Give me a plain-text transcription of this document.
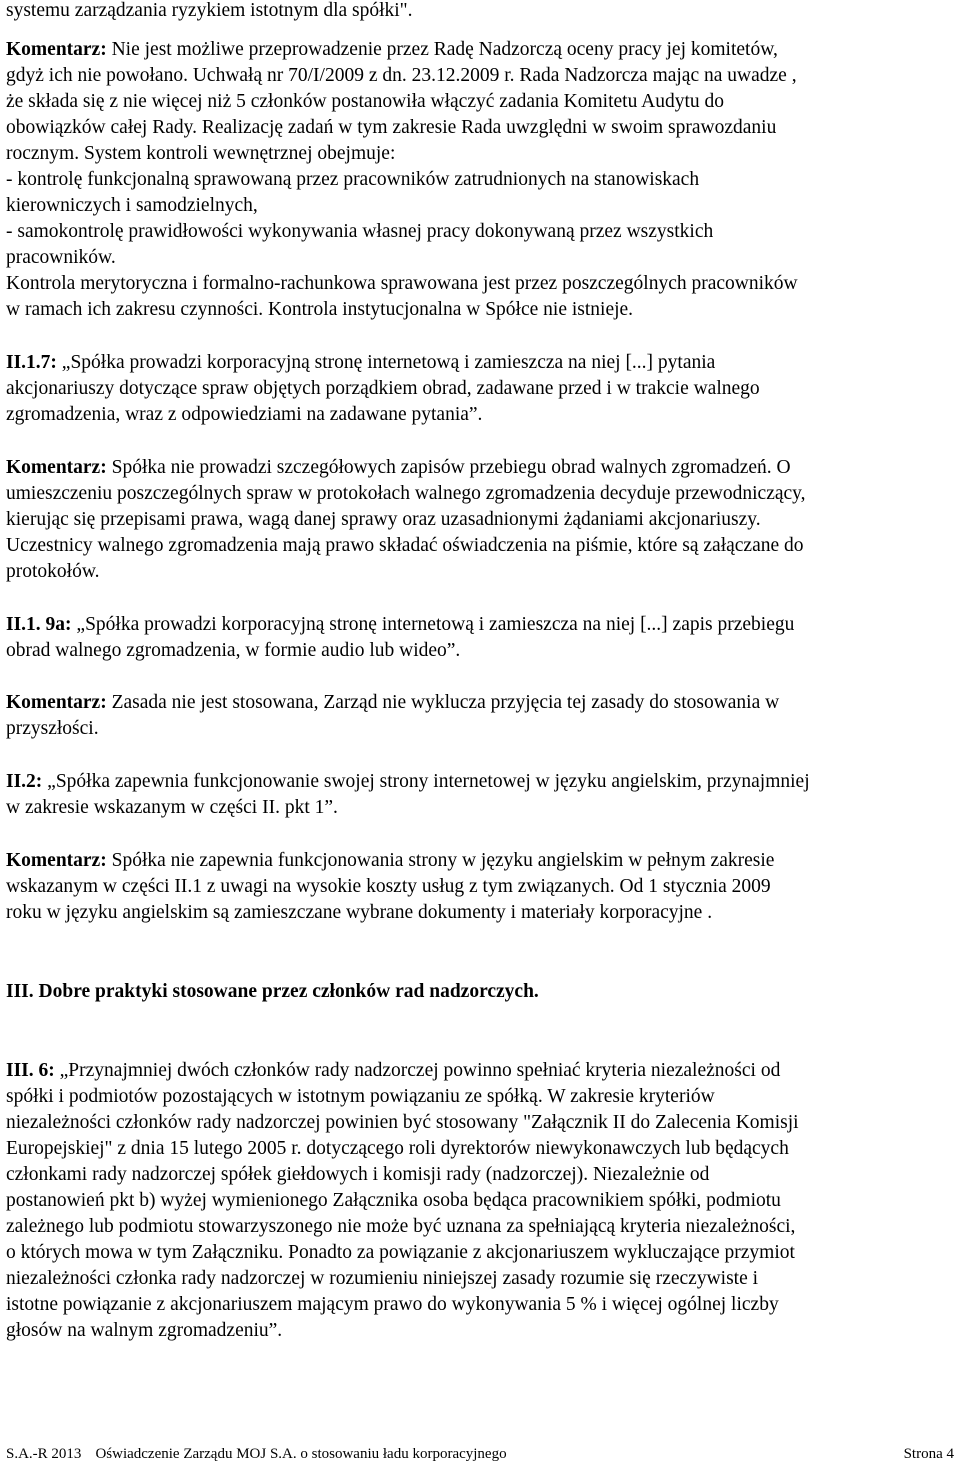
systemu zarządzania ryzykiem istotnym dla spółki".

Komentarz: Nie jest możliwe przeprowadzenie przez Radę Nadzorczą oceny pracy jej komitetów,

gdyż ich nie powołano. Uchwałą nr 70/I/2009 z dn. 23.12.2009 r. Rada Nadzorcza mając na uwadze ,

że składa się z nie więcej niż 5 członków postanowiła włączyć zadania Komitetu Audytu do

obowiązków całej Rady. Realizację zadań w tym zakresie Rada uwzględni w swoim sprawozdaniu

rocznym. System kontroli wewnętrznej obejmuje:

- kontrolę funkcjonalną sprawowaną przez pracowników zatrudnionych na stanowiskach

kierowniczych i samodzielnych,

- samokontrolę prawidłowości wykonywania własnej pracy dokonywaną przez wszystkich

pracowników.

Kontrola merytoryczna i formalno-rachunkowa sprawowana jest przez poszczególnych pracowników

w ramach ich zakresu czynności. Kontrola instytucjonalna w Spółce nie istnieje.

II.1.7: „Spółka prowadzi korporacyjną stronę internetową i zamieszcza na niej [...] pytania

akcjonariuszy dotyczące spraw objętych porządkiem obrad, zadawane przed i w trakcie walnego

zgromadzenia, wraz z odpowiedziami na zadawane pytania”.

Komentarz: Spółka nie prowadzi szczegółowych zapisów przebiegu obrad walnych zgromadzeń. O

umieszczeniu poszczególnych spraw w protokołach walnego zgromadzenia decyduje przewodniczący,

kierując się przepisami prawa, wagą danej sprawy oraz uzasadnionymi żądaniami akcjonariuszy.

Uczestnicy walnego zgromadzenia mają prawo składać oświadczenia na piśmie, które są załączane do

protokołów.

II.1. 9a: „Spółka prowadzi korporacyjną stronę internetową i zamieszcza na niej [...] zapis przebiegu

obrad walnego zgromadzenia, w formie audio lub wideo”.

Komentarz: Zasada nie jest stosowana, Zarząd nie wyklucza przyjęcia tej zasady do stosowania w

przyszłości.

II.2: „Spółka zapewnia funkcjonowanie swojej strony internetowej w języku angielskim, przynajmniej

w zakresie wskazanym w części II. pkt 1”.

Komentarz: Spółka nie zapewnia funkcjonowania strony w języku angielskim w pełnym zakresie

wskazanym w części II.1 z uwagi na wysokie koszty usług z tym związanych. Od 1 stycznia 2009

roku w języku angielskim są zamieszczane wybrane dokumenty i materiały korporacyjne .

III. Dobre praktyki stosowane przez członków rad nadzorczych.

III. 6: „Przynajmniej dwóch członków rady nadzorczej powinno spełniać kryteria niezależności od

spółki i podmiotów pozostających w istotnym powiązaniu ze spółką. W zakresie kryteriów

niezależności członków rady nadzorczej powinien być stosowany "Załącznik II do Zalecenia Komisji

Europejskiej" z dnia 15 lutego 2005 r. dotyczącego roli dyrektorów niewykonawczych lub będących

członkami rady nadzorczej spółek giełdowych i komisji rady (nadzorczej). Niezależnie od

postanowień pkt b) wyżej wymienionego Załącznika osoba będąca pracownikiem spółki, podmiotu

zależnego lub podmiotu stowarzyszonego nie może być uznana za spełniającą kryteria niezależności,

o których mowa w tym Załączniku. Ponadto za powiązanie z akcjonariuszem wykluczające przymiot

niezależności członka rady nadzorczej w rozumieniu niniejszej zasady rozumie się rzeczywiste i

istotne powiązanie z akcjonariuszem mającym prawo do wykonywania 5 % i więcej ogólnej liczby

głosów na walnym zgromadzeniu”.

S.A.-R 2013 Oświadczenie Zarządu MOJ S.A. o stosowaniu ładu korporacyjnego	Strona 4
